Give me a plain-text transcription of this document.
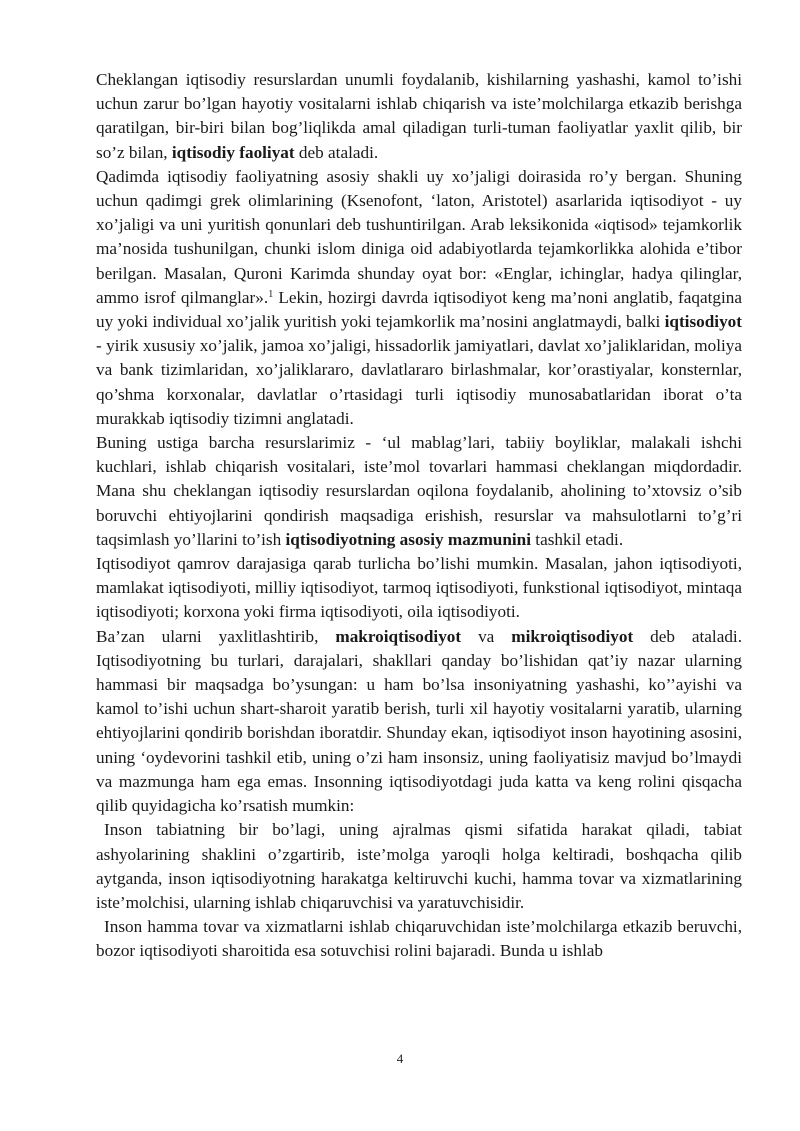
Cheklangan iqtisodiy resurslardan unumli foydalanib, kishilarning yashashi, kamol to’ishi uchun zarur bo’lgan hayotiy vositalarni ishlab chiqarish va iste’molchilarga etkazib berishga qaratilgan, bir-biri bilan bog’liqlikda amal qiladigan turli-tuman faoliyatlar yaxlit qilib, bir so’z bilan, iqtisodiy faoliyat deb ataladi.

Qadimda iqtisodiy faoliyatning asosiy shakli uy xo’jaligi doirasida ro’y bergan. Shuning uchun qadimgi grek olimlarining (Ksenofont, ‘laton, Aristotel) asarlarida iqtisodiyot - uy xo’jaligi va uni yuritish qonunlari deb tushuntirilgan. Arab leksikonida «iqtisod» tejamkorlik ma’nosida tushunilgan, chunki islom diniga oid adabiyotlarda tejamkorlikka alohida e’tibor berilgan. Masalan, Quroni Karimda shunday oyat bor: «Englar, ichinglar, hadya qilinglar, ammo isrof qilmanglar».$^1$ Lekin, hozirgi davrda iqtisodiyot keng ma’noni anglatib, faqatgina uy yoki individual xo’jalik yuritish yoki tejamkorlik ma’nosini anglatmaydi, balki iqtisodiyot - yirik xususiy xo’jalik, jamoa xo’jaligi, hissadorlik jamiyatlari, davlat xo’jaliklaridan, moliya va bank tizimlaridan, xo’jaliklararo, davlatlararo birlashmalar, kor’orastiyalar, konsternlar, qo’shma korxonalar, davlatlar o’rtasidagi turli iqtisodiy munosabatlaridan iborat o’ta murakkab iqtisodiy tizimni anglatadi.

Buning ustiga barcha resurslarimiz - ‘ul mablag’lari, tabiiy boyliklar, malakali ishchi kuchlari, ishlab chiqarish vositalari, iste’mol tovarlari hammasi cheklangan miqdordadir. Mana shu cheklangan iqtisodiy resurslardan oqilona foydalanib, aholining to’xtovsiz o’sib boruvchi ehtiyojlarini qondirish maqsadiga erishish, resurslar va mahsulotlarni to’g’ri taqsimlash yo’llarini to’ish iqtisodiyotning asosiy mazmunini tashkil etadi.

Iqtisodiyot qamrov darajasiga qarab turlicha bo’lishi mumkin. Masalan, jahon iqtisodiyoti, mamlakat iqtisodiyoti, milliy iqtisodiyot, tarmoq iqtisodiyoti, funkstional iqtisodiyot, mintaqa iqtisodiyoti; korxona yoki firma iqtisodiyoti, oila iqtisodiyoti.

Ba’zan ularni yaxlitlashtirib, makroiqtisodiyot va mikroiqtisodiyot deb ataladi. Iqtisodiyotning bu turlari, darajalari, shakllari qanday bo’lishidan qat’iy nazar ularning hammasi bir maqsadga bo’ysungan: u ham bo’lsa insoniyatning yashashi, ko’’ayishi va kamol to’ishi uchun shart-sharoit yaratib berish, turli xil hayotiy vositalarni yaratib, ularning ehtiyojlarini qondirib borishdan iboratdir. Shunday ekan, iqtisodiyot inson hayotining asosini, uning ‘oydevorini tashkil etib, uning o’zi ham insonsiz, uning faoliyatisiz mavjud bo’lmaydi va mazmunga ham ega emas. Insonning iqtisodiyotdagi juda katta va keng rolini qisqacha qilib quyidagicha ko’rsatish mumkin:

Inson tabiatning bir bo’lagi, uning ajralmas qismi sifatida harakat qiladi, tabiat ashyolarining shaklini o’zgartirib, iste’molga yaroqli holga keltiradi, boshqacha qilib aytganda, inson iqtisodiyotning harakatga keltiruvchi kuchi, hamma tovar va xizmatlarining iste’molchisi, ularning ishlab chiqaruvchisi va yaratuvchisidir.

Inson hamma tovar va xizmatlarni ishlab chiqaruvchidan iste’molchilarga etkazib beruvchi, bozor iqtisodiyoti sharoitida esa sotuvchisi rolini bajaradi. Bunda u ishlab

4
